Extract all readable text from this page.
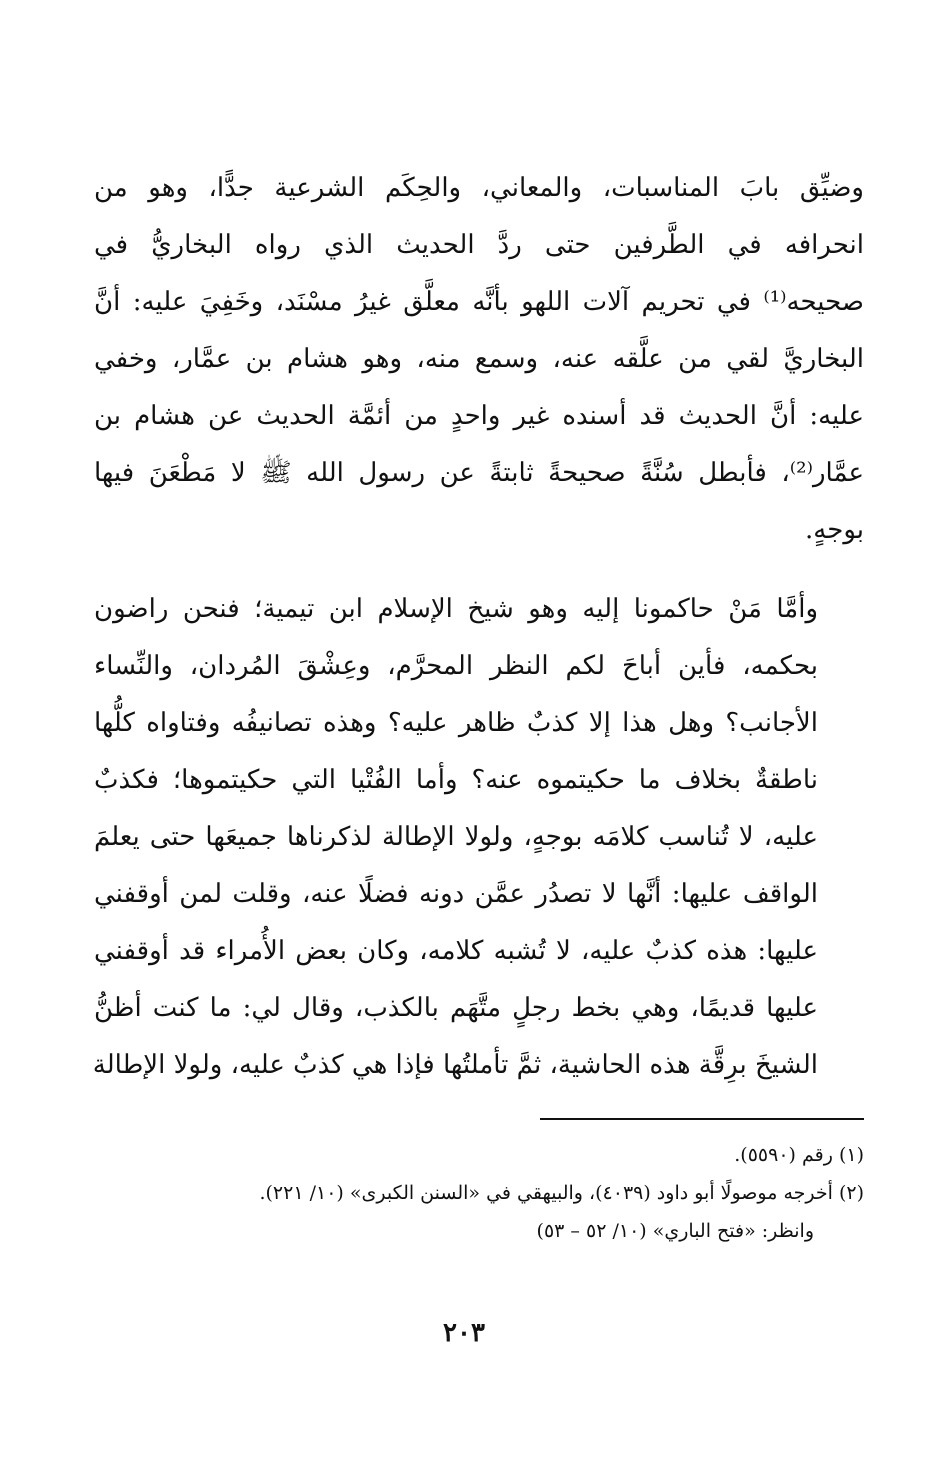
وضيِّق بابَ المناسبات، والمعاني، والحِكَم الشرعية جدًّا، وهو من
انحرافه في الطَّرفين حتى ردَّ الحديث الذي رواه البخاريُّ في
صحيحه⁽¹⁾ في تحريم آلات اللهو بأنَّه معلَّق غيرُ مسْنَد، وخَفِيَ عليه: أنَّ
البخاريَّ لقي من علَّقه عنه، وسمع منه، وهو هشام بن عمَّار، وخفي
عليه: أنَّ الحديث قد أسنده غير واحدٍ من أئمَّة الحديث عن هشام بن
عمَّار⁽²⁾، فأبطل سُنَّةً صحيحةً ثابتةً عن رسول الله ﷺ لا مَطْعَنَ فيها
بوجهٍ.

وأمَّا مَنْ حاكمونا إليه وهو شيخ الإسلام ابن تيمية؛ فنحن راضون
بحكمه، فأين أباحَ لكم النظر المحرَّم، وعِشْقَ المُردان، والنِّساء
الأجانب؟ وهل هذا إلا كذبٌ ظاهر عليه؟ وهذه تصانيفُه وفتاواه كلُّها
ناطقةٌ بخلاف ما حكيتموه عنه؟ وأما الفُتْيا التي حكيتموها؛ فكذبٌ
عليه، لا تُناسب كلامَه بوجهٍ، ولولا الإطالة لذكرناها جميعَها حتى يعلمَ
الواقف عليها: أنَّها لا تصدُر عمَّن دونه فضلًا عنه، وقلت لمن أوقفني
عليها: هذه كذبٌ عليه، لا تُشبه كلامه، وكان بعض الأُمراء قد أوقفني
عليها قديمًا، وهي بخط رجلٍ متَّهَم بالكذب، وقال لي: ما كنت أظنُّ
الشيخَ برِقَّة هذه الحاشية، ثمَّ تأملتُها فإذا هي كذبٌ عليه، ولولا الإطالة

(١) رقم (٥٥٩٠).
(٢) أخرجه موصولًا أبو داود (٤٠٣٩)، والبيهقي في «السنن الكبرى» (١٠/ ٢٢١).
وانظر: «فتح الباري» (١٠/ ٥٢ – ٥٣)
٢٠٣
